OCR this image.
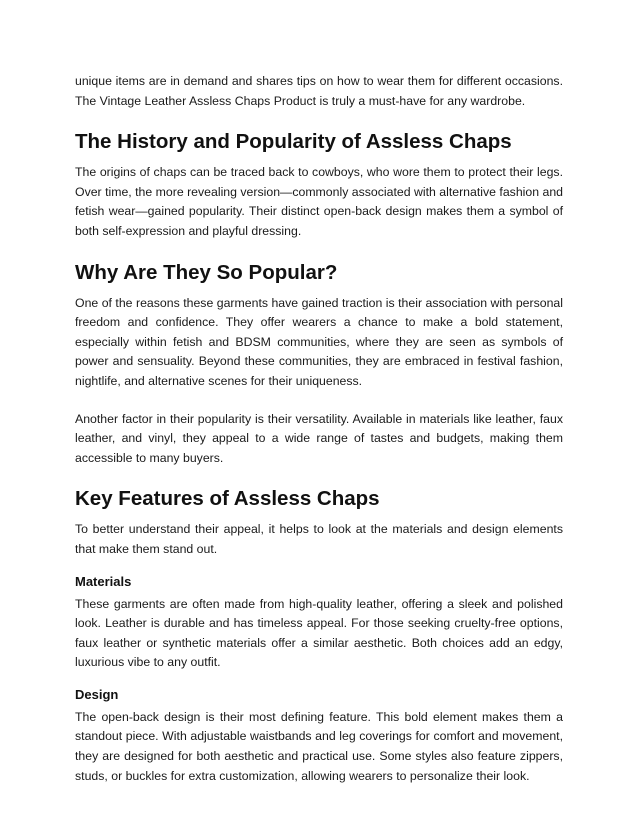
unique items are in demand and shares tips on how to wear them for different occasions. The Vintage Leather Assless Chaps Product is truly a must-have for any wardrobe.

The History and Popularity of Assless Chaps

The origins of chaps can be traced back to cowboys, who wore them to protect their legs. Over time, the more revealing version—commonly associated with alternative fashion and fetish wear—gained popularity. Their distinct open-back design makes them a symbol of both self-expression and playful dressing.

Why Are They So Popular?

One of the reasons these garments have gained traction is their association with personal freedom and confidence. They offer wearers a chance to make a bold statement, especially within fetish and BDSM communities, where they are seen as symbols of power and sensuality. Beyond these communities, they are embraced in festival fashion, nightlife, and alternative scenes for their uniqueness.

Another factor in their popularity is their versatility. Available in materials like leather, faux leather, and vinyl, they appeal to a wide range of tastes and budgets, making them accessible to many buyers.

Key Features of Assless Chaps

To better understand their appeal, it helps to look at the materials and design elements that make them stand out.

Materials

These garments are often made from high-quality leather, offering a sleek and polished look. Leather is durable and has timeless appeal. For those seeking cruelty-free options, faux leather or synthetic materials offer a similar aesthetic. Both choices add an edgy, luxurious vibe to any outfit.

Design

The open-back design is their most defining feature. This bold element makes them a standout piece. With adjustable waistbands and leg coverings for comfort and movement, they are designed for both aesthetic and practical use. Some styles also feature zippers, studs, or buckles for extra customization, allowing wearers to personalize their look.
